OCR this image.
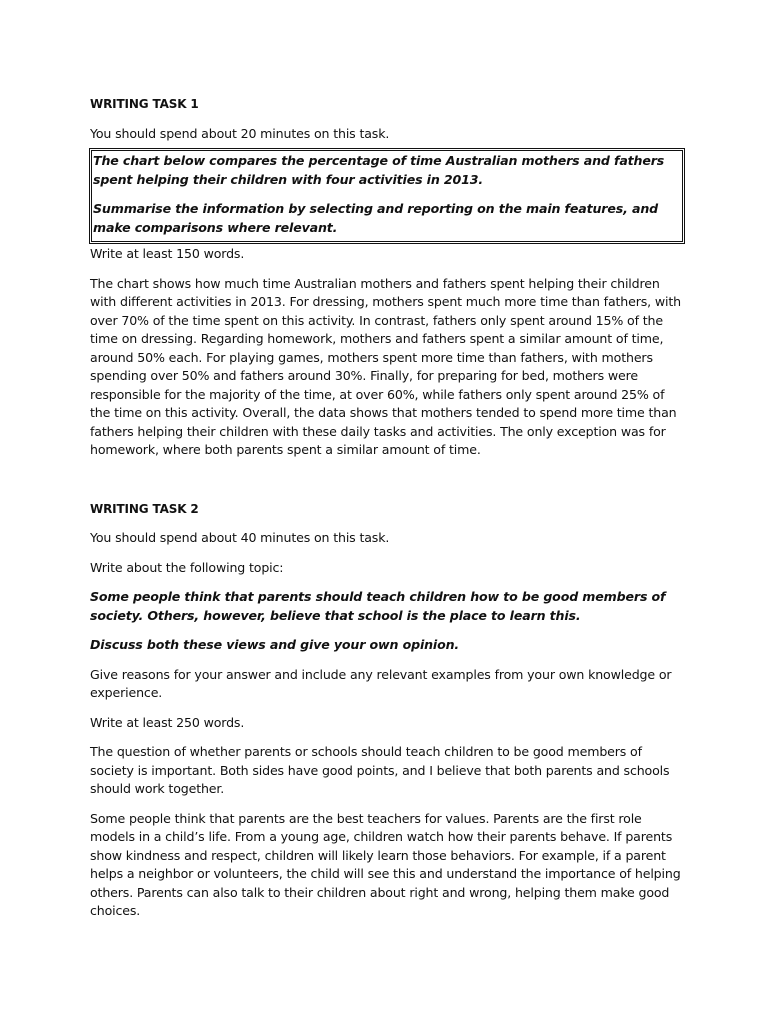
WRITING TASK 1

You should spend about 20 minutes on this task.

The chart below compares the percentage of time Australian mothers and fathers spent helping their children with four activities in 2013.

Summarise the information by selecting and reporting on the main features, and make comparisons where relevant.

Write at least 150 words.

The chart shows how much time Australian mothers and fathers spent helping their children with different activities in 2013. For dressing, mothers spent much more time than fathers, with over 70% of the time spent on this activity. In contrast, fathers only spent around 15% of the time on dressing. Regarding homework, mothers and fathers spent a similar amount of time, around 50% each. For playing games, mothers spent more time than fathers, with mothers spending over 50% and fathers around 30%. Finally, for preparing for bed, mothers were responsible for the majority of the time, at over 60%, while fathers only spent around 25% of the time on this activity. Overall, the data shows that mothers tended to spend more time than fathers helping their children with these daily tasks and activities. The only exception was for homework, where both parents spent a similar amount of time.

WRITING TASK 2

You should spend about 40 minutes on this task.

Write about the following topic:

Some people think that parents should teach children how to be good members of society. Others, however, believe that school is the place to learn this.

Discuss both these views and give your own opinion.

Give reasons for your answer and include any relevant examples from your own knowledge or experience.

Write at least 250 words.

The question of whether parents or schools should teach children to be good members of society is important. Both sides have good points, and I believe that both parents and schools should work together.

Some people think that parents are the best teachers for values. Parents are the first role models in a child’s life. From a young age, children watch how their parents behave. If parents show kindness and respect, children will likely learn those behaviors. For example, if a parent helps a neighbor or volunteers, the child will see this and understand the importance of helping others. Parents can also talk to their children about right and wrong, helping them make good choices.
